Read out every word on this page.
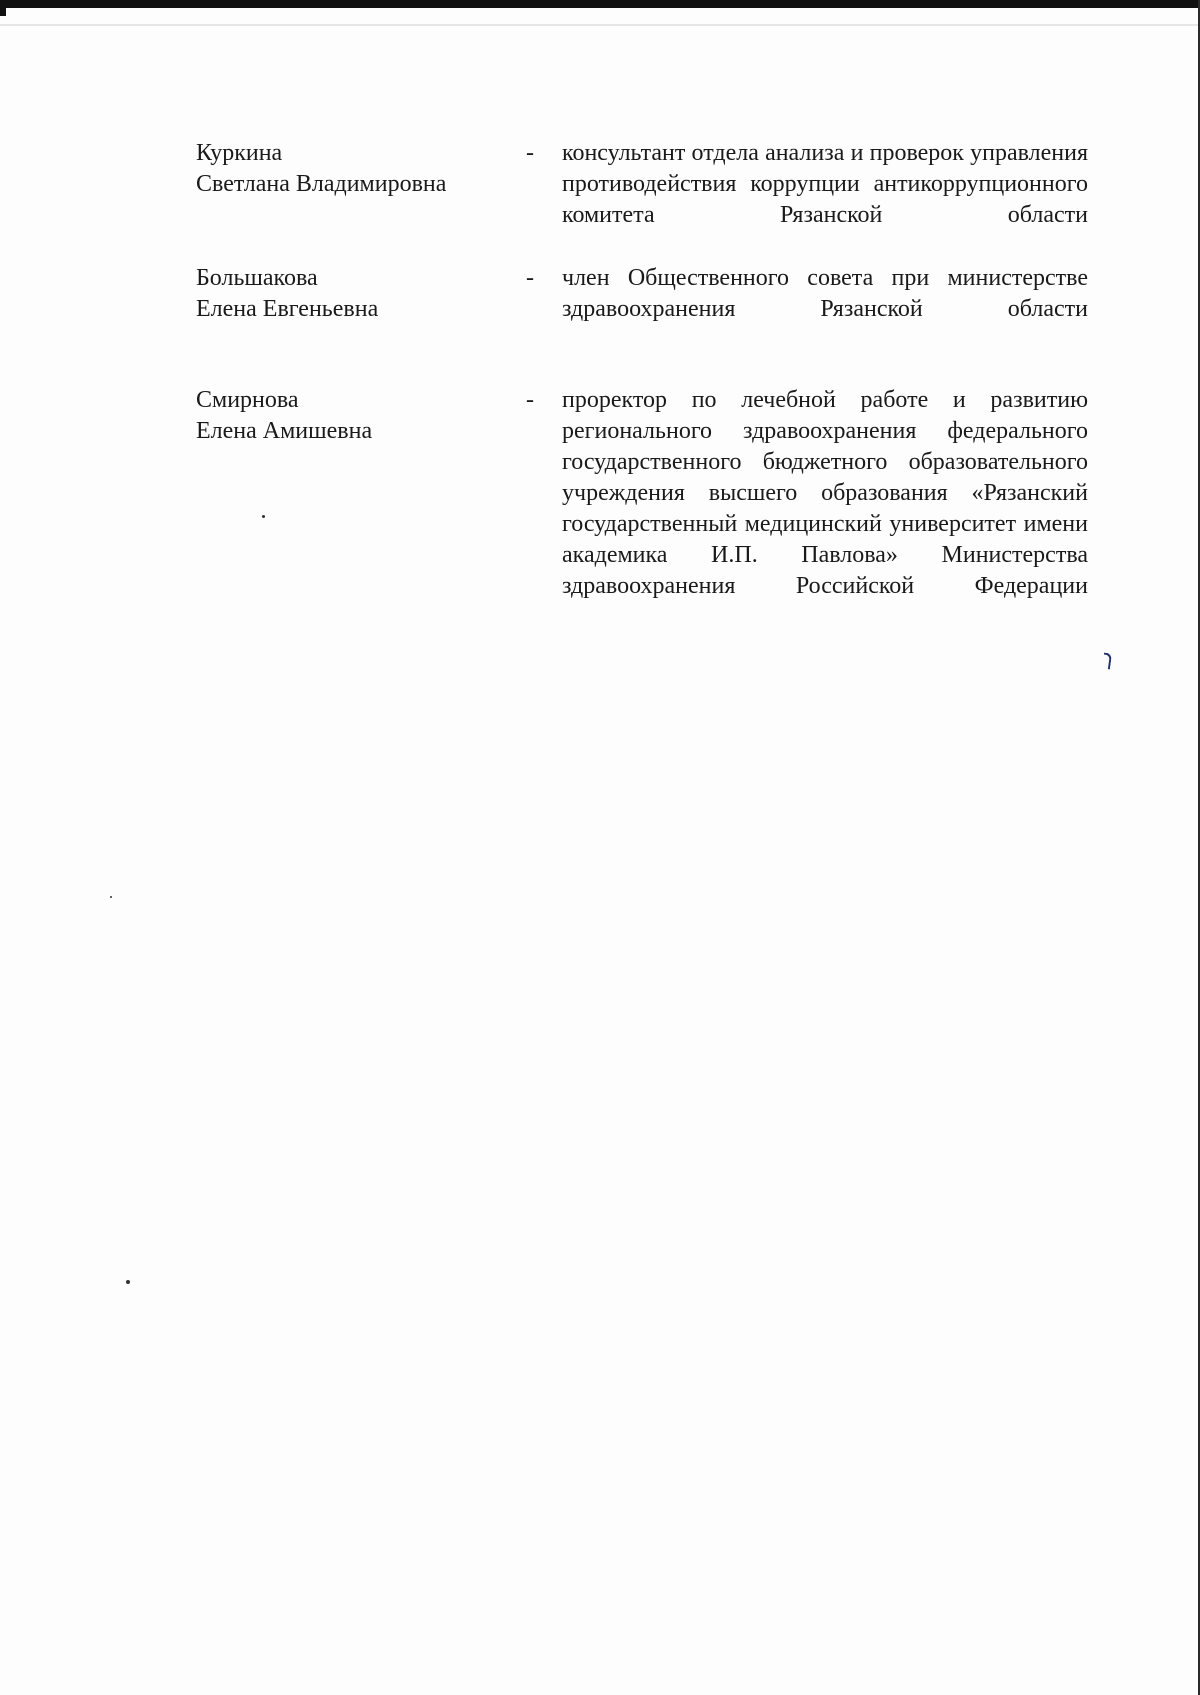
Куркина
Светлана Владимировна
-	консультант отдела анализа и проверок управления противодействия коррупции антикоррупционного комитета Рязанской области
Большакова
Елена Евгеньевна
-	член Общественного совета при министерстве здравоохранения Рязанской области
Смирнова
Елена Амишевна
-	проректор по лечебной работе и развитию регионального здравоохранения федерального государственного бюджетного образовательного учреждения высшего образования «Рязанский государственный медицинский университет имени академика И.П. Павлова» Министерства здравоохранения Российской Федерации
